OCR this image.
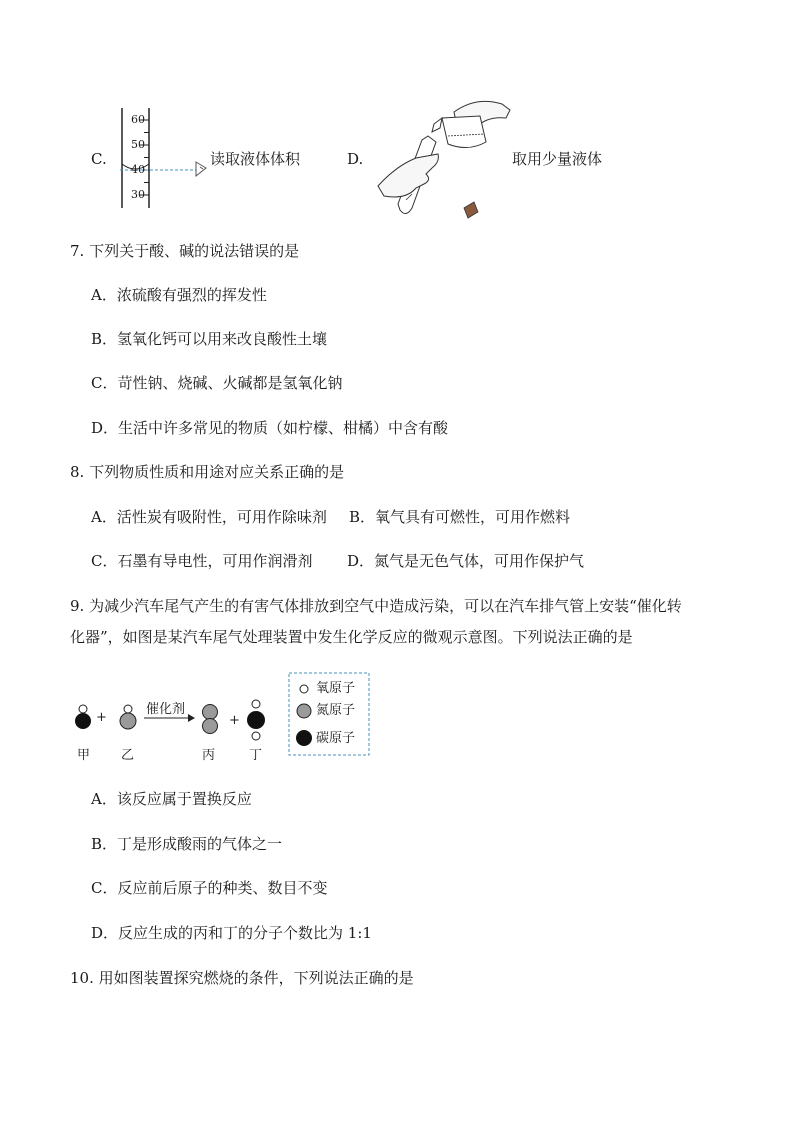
C.
60
50
40
30
读取液体体积	D.	取用少量液体
7. 下列关于酸、碱的说法错误的是
A．浓硫酸有强烈的挥发性
B．氢氧化钙可以用来改良酸性土壤
C．苛性钠、烧碱、火碱都是氢氧化钠
D．生活中许多常见的物质（如柠檬、柑橘）中含有酸
8. 下列物质性质和用途对应关系正确的是
A．活性炭有吸附性，可用作除味剂 B．氧气具有可燃性，可用作燃料
C．石墨有导电性，可用作润滑剂 D．氮气是无色气体，可用作保护气
9. 为减少汽车尾气产生的有害气体排放到空气中造成污染，可以在汽车排气管上安装“催化转
化器”，如图是某汽车尾气处理装置中发生化学反应的微观示意图。下列说法正确的是
+
催化剂
+
甲 乙	丙	丁
氧原子
氮原子
碳原子
A．该反应属于置换反应
B．丁是形成酸雨的气体之一
C．反应前后原子的种类、数目不变
D．反应生成的丙和丁的分子个数比为 1:1
10. 用如图装置探究燃烧的条件，下列说法正确的是
